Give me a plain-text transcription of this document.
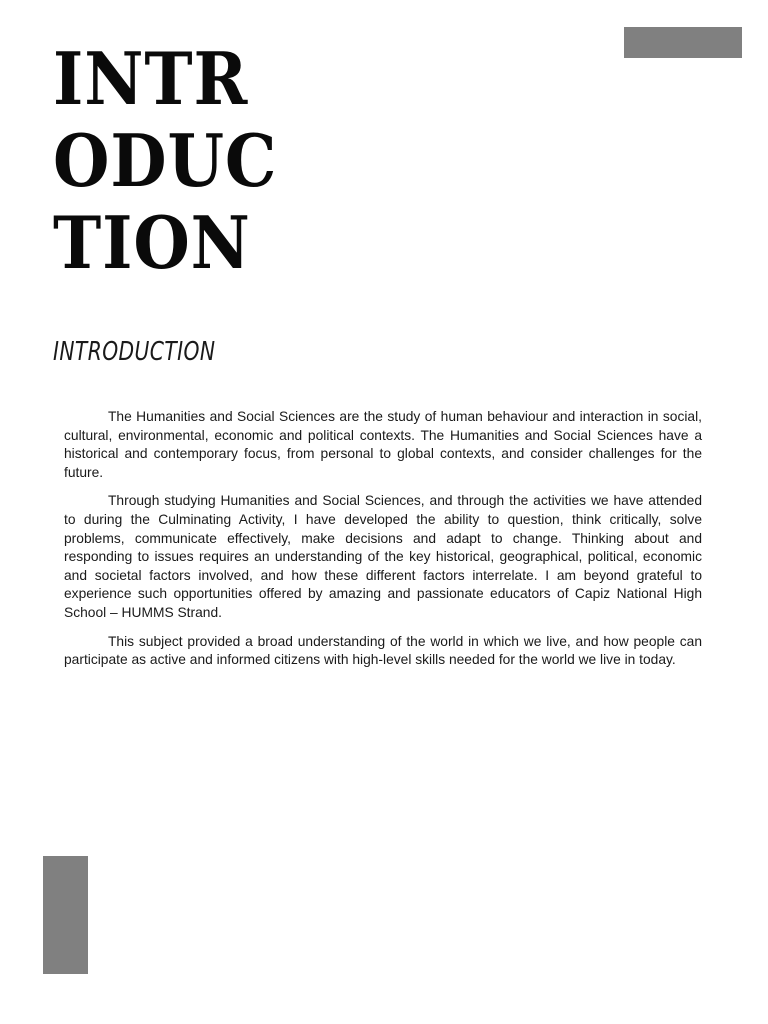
INTR
ODUC
TION
INTRODUCTION

The Humanities and Social Sciences are the study of human behaviour and interaction in social, cultural, environmental, economic and political contexts. The Humanities and Social Sciences have a historical and contemporary focus, from personal to global contexts, and consider challenges for the future.

Through studying Humanities and Social Sciences, and through the activities we have attended to during the Culminating Activity, I have developed the ability to question, think critically, solve problems, communicate effectively, make decisions and adapt to change. Thinking about and responding to issues requires an understanding of the key historical, geographical, political, economic and societal factors involved, and how these different factors interrelate. I am beyond grateful to experience such opportunities offered by amazing and passionate educators of Capiz National High School – HUMMS Strand.

This subject provided a broad understanding of the world in which we live, and how people can participate as active and informed citizens with high-level skills needed for the world we live in today.
